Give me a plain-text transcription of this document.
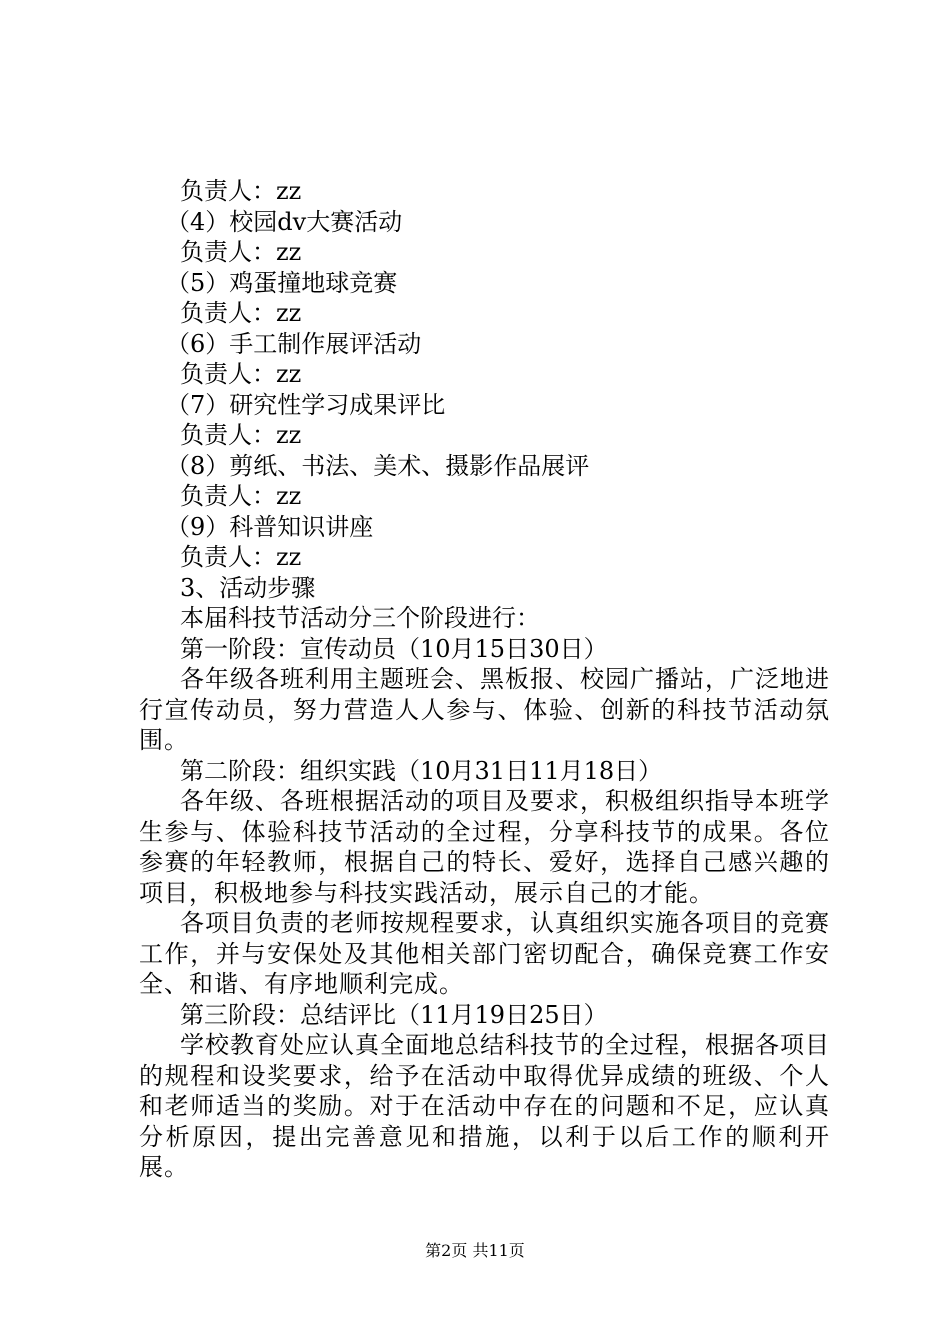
负责人：zz
（4）校园dv大赛活动
负责人：zz
（5）鸡蛋撞地球竞赛
负责人：zz
（6）手工制作展评活动
负责人：zz
（7）研究性学习成果评比
负责人：zz
（8）剪纸、书法、美术、摄影作品展评
负责人：zz
（9）科普知识讲座
负责人：zz
3、活动步骤
本届科技节活动分三个阶段进行：
第一阶段：宣传动员（10月15日30日）
各年级各班利用主题班会、黑板报、校园广播站，广泛地进行宣传动员，努力营造人人参与、体验、创新的科技节活动氛围。
第二阶段：组织实践（10月31日11月18日）
各年级、各班根据活动的项目及要求，积极组织指导本班学生参与、体验科技节活动的全过程，分享科技节的成果。各位参赛的年轻教师，根据自己的特长、爱好，选择自己感兴趣的项目，积极地参与科技实践活动，展示自己的才能。
各项目负责的老师按规程要求，认真组织实施各项目的竞赛工作，并与安保处及其他相关部门密切配合，确保竞赛工作安全、和谐、有序地顺利完成。
第三阶段：总结评比（11月19日25日）
学校教育处应认真全面地总结科技节的全过程，根据各项目的规程和设奖要求，给予在活动中取得优异成绩的班级、个人和老师适当的奖励。对于在活动中存在的问题和不足，应认真分析原因，提出完善意见和措施，以利于以后工作的顺利开展。
第2页 共11页
